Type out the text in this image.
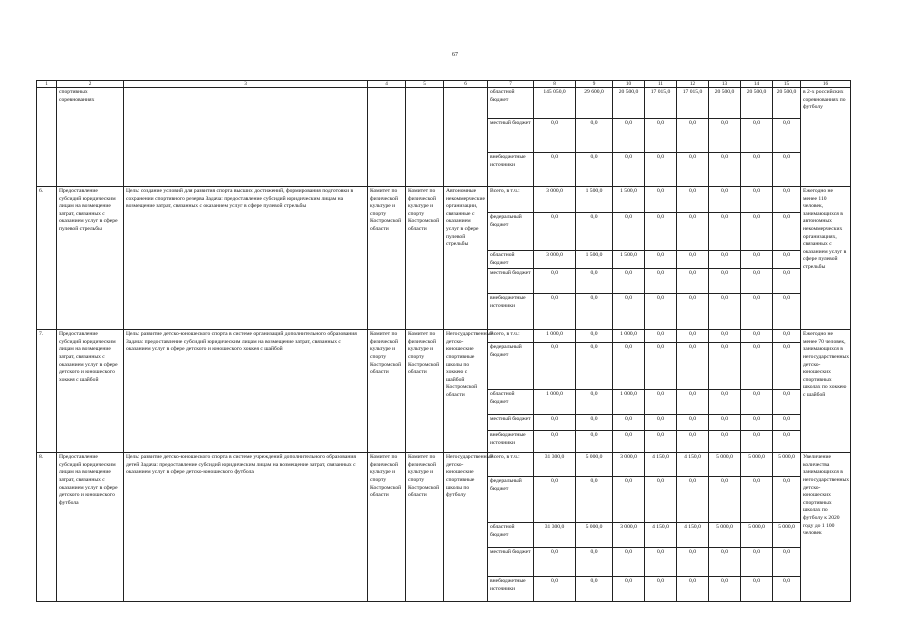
67
1	2	3	4	5	6	7	8	9	10	11	12	13	14	15	16
	спортивных соревнованиях					областной бюджет	145 050,0	29 600,0	20 500,0	17 015,0	17 015,0	20 500,0	20 500,0	20 500,0	в 2-х российских соревнованиях по футболу
						местный бюджет	0,0	0,0	0,0	0,0	0,0	0,0	0,0	0,0	
						внебюджетные источники	0,0	0,0	0,0	0,0	0,0	0,0	0,0	0,0	
6.	Предоставление субсидий юридическим лицам на возмещение затрат, связанных с оказанием услуг в сфере пулевой стрельбы	Цель: создание условий для развития спорта высших достижений, формирования подготовки в сохранении спортивного резерва Задача: предоставление субсидий юридическим лицам на возмещение затрат, связанных с оказанием услуг в сфере пулевой стрельбы	Комитет по физической культуре и спорту Костромской области	Комитет по физической культуре и спорту Костромской области	Автономные некоммерческие организации, связанные с оказанием услуг в сфере пулевой стрельбы	Всего, в т.ч.:	3 000,0	1 500,0	1 500,0	0,0	0,0	0,0	0,0	0,0	Ежегодно не менее 110 человек, занимающихся в автономных некоммерческих организациях, связанных с оказанием услуг в сфере пулевой стрельбы
						федеральный бюджет	0,0	0,0	0,0	0,0	0,0	0,0	0,0	0,0	
						областной бюджет	3 000,0	1 500,0	1 500,0	0,0	0,0	0,0	0,0	0,0	
						местный бюджет	0,0	0,0	0,0	0,0	0,0	0,0	0,0	0,0	
						внебюджетные источники	0,0	0,0	0,0	0,0	0,0	0,0	0,0	0,0	
7.	Предоставление субсидий юридическим лицам на возмещение затрат, связанных с оказанием услуг в сфере детского и юношеского хоккея с шайбой	Цель: развитие детско-юношеского спорта в системе организаций дополнительного образования Задача: предоставление субсидий юридическим лицам на возмещение затрат, связанных с оказанием услуг в сфере детского и юношеского хоккея с шайбой	Комитет по физической культуре и спорту Костромской области	Комитет по физической культуре и спорту Костромской области	Негосударственные детско-юношеские спортивные школы по хоккею с шайбой Костромской области	Всего, в т.ч.:	1 000,0	0,0	1 000,0	0,0	0,0	0,0	0,0	0,0	Ежегодно не менее 70 человек, занимающихся в негосударственных детско-юношеских спортивных школах по хоккею с шайбой
						федеральный бюджет	0,0	0,0	0,0	0,0	0,0	0,0	0,0	0,0	
						областной бюджет	1 000,0	0,0	1 000,0	0,0	0,0	0,0	0,0	0,0	
						местный бюджет	0,0	0,0	0,0	0,0	0,0	0,0	0,0	0,0	
						внебюджетные источники	0,0	0,0	0,0	0,0	0,0	0,0	0,0	0,0	
8.	Предоставление субсидий юридическим лицам на возмещение затрат, связанных с оказанием услуг в сфере детского и юношеского футбола	Цель: развитие детско-юношеского спорта в системе учреждений дополнительного образования детей Задача: предоставление субсидий юридическим лицам на возмещение затрат, связанных с оказанием услуг в сфере детско-юношеского футбола	Комитет по физической культуре и спорту Костромской области	Комитет по физической культуре и спорту Костромской области	Негосударственные детско-юношеские спортивные школы по футболу	Всего, в т.ч.:	31 300,0	5 000,0	3 000,0	4 150,0	4 150,0	5 000,0	5 000,0	5 000,0	Увеличение количества занимающихся в негосударственных детско-юношеских спортивных школах по футболу к 2020 году до 1 100 человек
						федеральный бюджет	0,0	0,0	0,0	0,0	0,0	0,0	0,0	0,0	
						областной бюджет	31 300,0	5 000,0	3 000,0	4 150,0	4 150,0	5 000,0	5 000,0	5 000,0	
						местный бюджет	0,0	0,0	0,0	0,0	0,0	0,0	0,0	0,0	
						внебюджетные источники	0,0	0,0	0,0	0,0	0,0	0,0	0,0	0,0	
